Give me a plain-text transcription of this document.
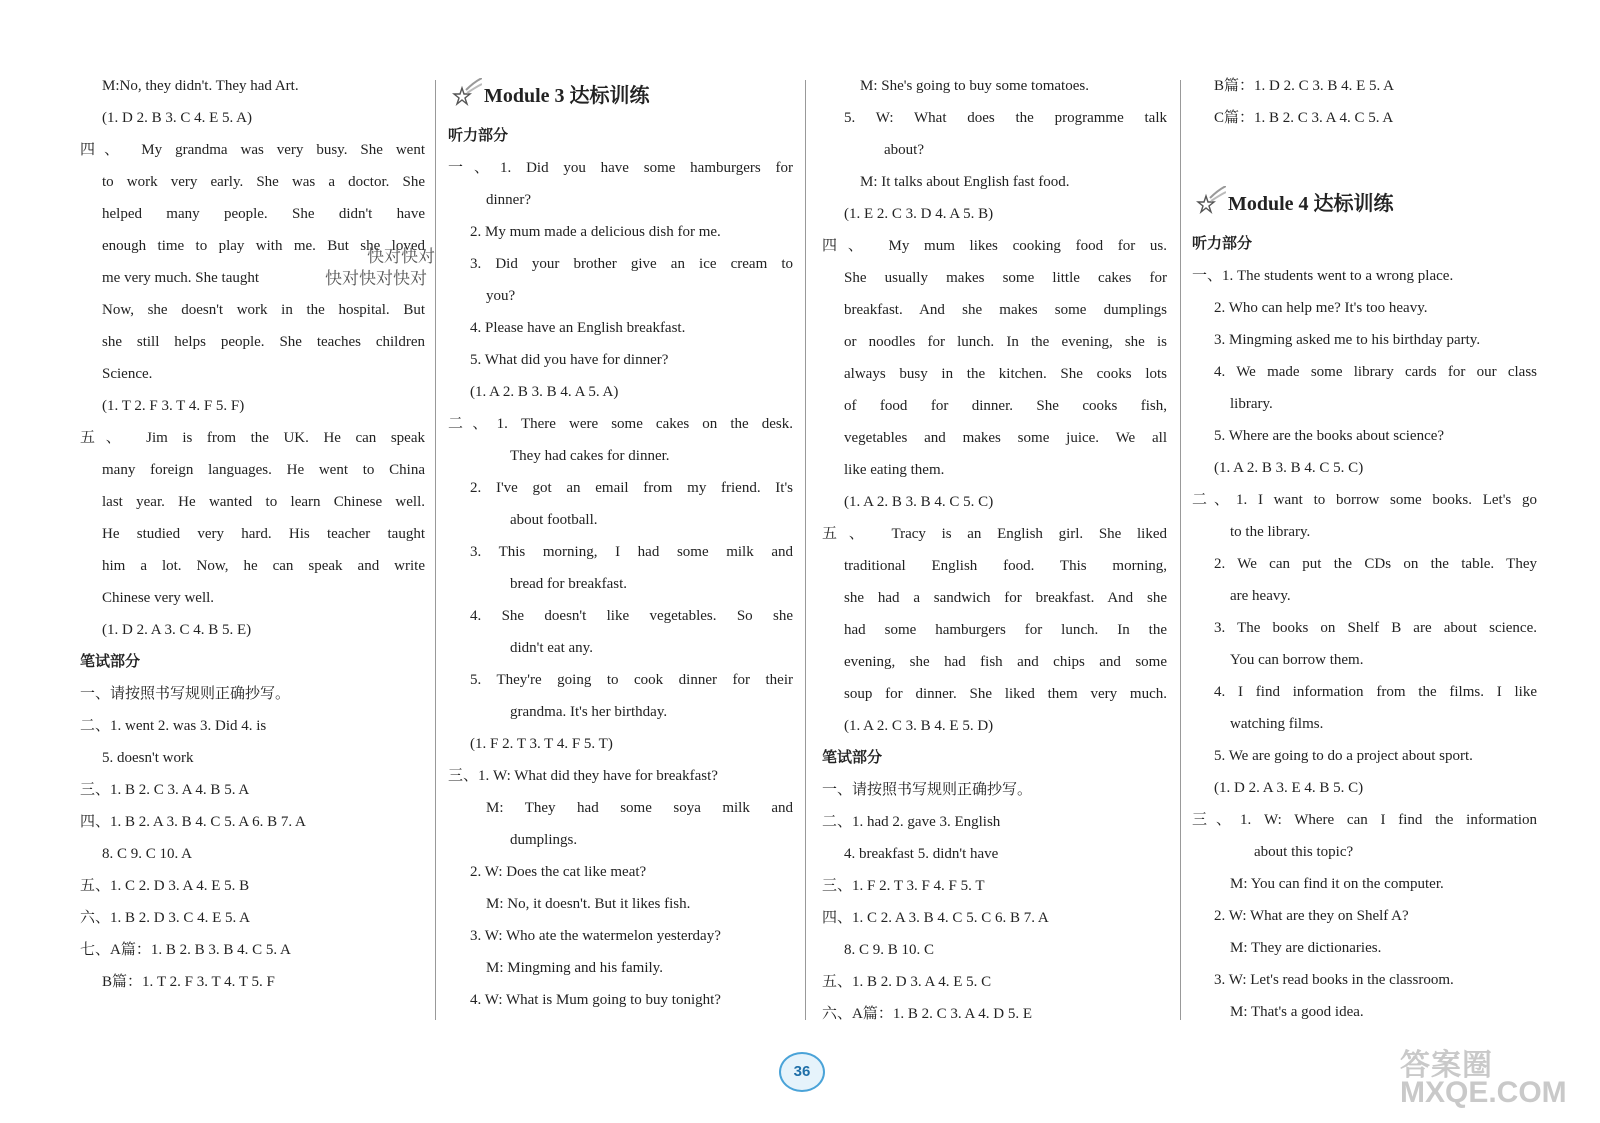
M:No, they didn't. They had Art.
(1. D 2. B 3. C 4. E 5. A)
四、 My grandma was very busy. She went
to work very early. She was a doctor. She
helped many people. She didn't have
enough time to play with me. But she loved
me very much. She taught
Now, she doesn't work in the hospital. But
she still helps people. She teaches children
Science.
(1. T 2. F 3. T 4. F 5. F)
五、 Jim is from the UK. He can speak
many foreign languages. He went to China
last year. He wanted to learn Chinese well.
He studied very hard. His teacher taught
him a lot. Now, he can speak and write
Chinese very well.
(1. D 2. A 3. C 4. B 5. E)
笔试部分
一、请按照书写规则正确抄写。
二、1. went 2. was 3. Did 4. is
5. doesn't work
三、1. B 2. C 3. A 4. B 5. A
四、1. B 2. A 3. B 4. C 5. A 6. B 7. A
8. C 9. C 10. A
五、1. C 2. D 3. A 4. E 5. B
六、1. B 2. D 3. C 4. E 5. A
七、A篇：1. B 2. B 3. B 4. C 5. A
B篇：1. T 2. F 3. T 4. T 5. F
Module 3 达标训练
听力部分
一、1. Did you have some hamburgers for
dinner?
2. My mum made a delicious dish for me.
3. Did your brother give an ice cream to
you?
4. Please have an English breakfast.
5. What did you have for dinner?
(1. A 2. B 3. B 4. A 5. A)
二、1. There were some cakes on the desk.
They had cakes for dinner.
2. I've got an email from my friend. It's
about football.
3. This morning, I had some milk and
bread for breakfast.
4. She doesn't like vegetables. So she
didn't eat any.
5. They're going to cook dinner for their
grandma. It's her birthday.
(1. F 2. T 3. T 4. F 5. T)
三、1. W: What did they have for breakfast?
M: They had some soya milk and
dumplings.
2. W: Does the cat like meat?
M: No, it doesn't. But it likes fish.
3. W: Who ate the watermelon yesterday?
M: Mingming and his family.
4. W: What is Mum going to buy tonight?
M: She's going to buy some tomatoes.
5. W: What does the programme talk
about?
M: It talks about English fast food.
(1. E 2. C 3. D 4. A 5. B)
四、 My mum likes cooking food for us.
She usually makes some little cakes for
breakfast. And she makes some dumplings
or noodles for lunch. In the evening, she is
always busy in the kitchen. She cooks lots
of food for dinner. She cooks fish,
vegetables and makes some juice. We all
like eating them.
(1. A 2. B 3. B 4. C 5. C)
五、 Tracy is an English girl. She liked
traditional English food. This morning,
she had a sandwich for breakfast. And she
had some hamburgers for lunch. In the
evening, she had fish and chips and some
soup for dinner. She liked them very much.
(1. A 2. C 3. B 4. E 5. D)
笔试部分
一、请按照书写规则正确抄写。
二、1. had 2. gave 3. English
4. breakfast 5. didn't have
三、1. F 2. T 3. F 4. F 5. T
四、1. C 2. A 3. B 4. C 5. C 6. B 7. A
8. C 9. B 10. C
五、1. B 2. D 3. A 4. E 5. C
六、A篇：1. B 2. C 3. A 4. D 5. E
B篇：1. D 2. C 3. B 4. E 5. A
C篇：1. B 2. C 3. A 4. C 5. A
Module 4 达标训练
听力部分
一、1. The students went to a wrong place.
2. Who can help me? It's too heavy.
3. Mingming asked me to his birthday party.
4. We made some library cards for our class
library.
5. Where are the books about science?
(1. A 2. B 3. B 4. C 5. C)
二、1. I want to borrow some books. Let's go
to the library.
2. We can put the CDs on the table. They
are heavy.
3. The books on Shelf B are about science.
You can borrow them.
4. I find information from the films. I like
watching films.
5. We are going to do a project about sport.
(1. D 2. A 3. E 4. B 5. C)
三、1. W: Where can I find the information
about this topic?
M: You can find it on the computer.
2. W: What are they on Shelf A?
M: They are dictionaries.
3. W: Let's read books in the classroom.
M: That's a good idea.
快对快对
快对快对快对
36	答案圈
MXQE.COM
